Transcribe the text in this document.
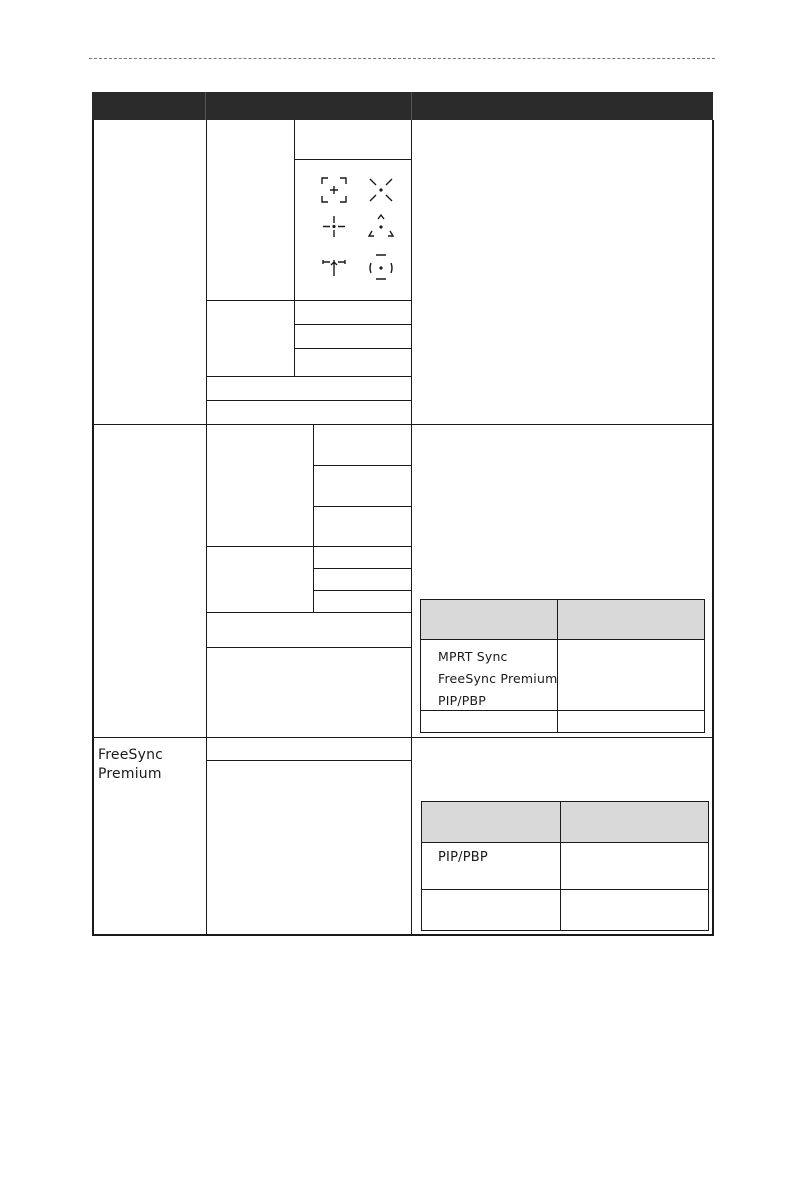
MPRT Sync
FreeSync Premium
PIP/PBP
FreeSync Premium
PIP/PBP
